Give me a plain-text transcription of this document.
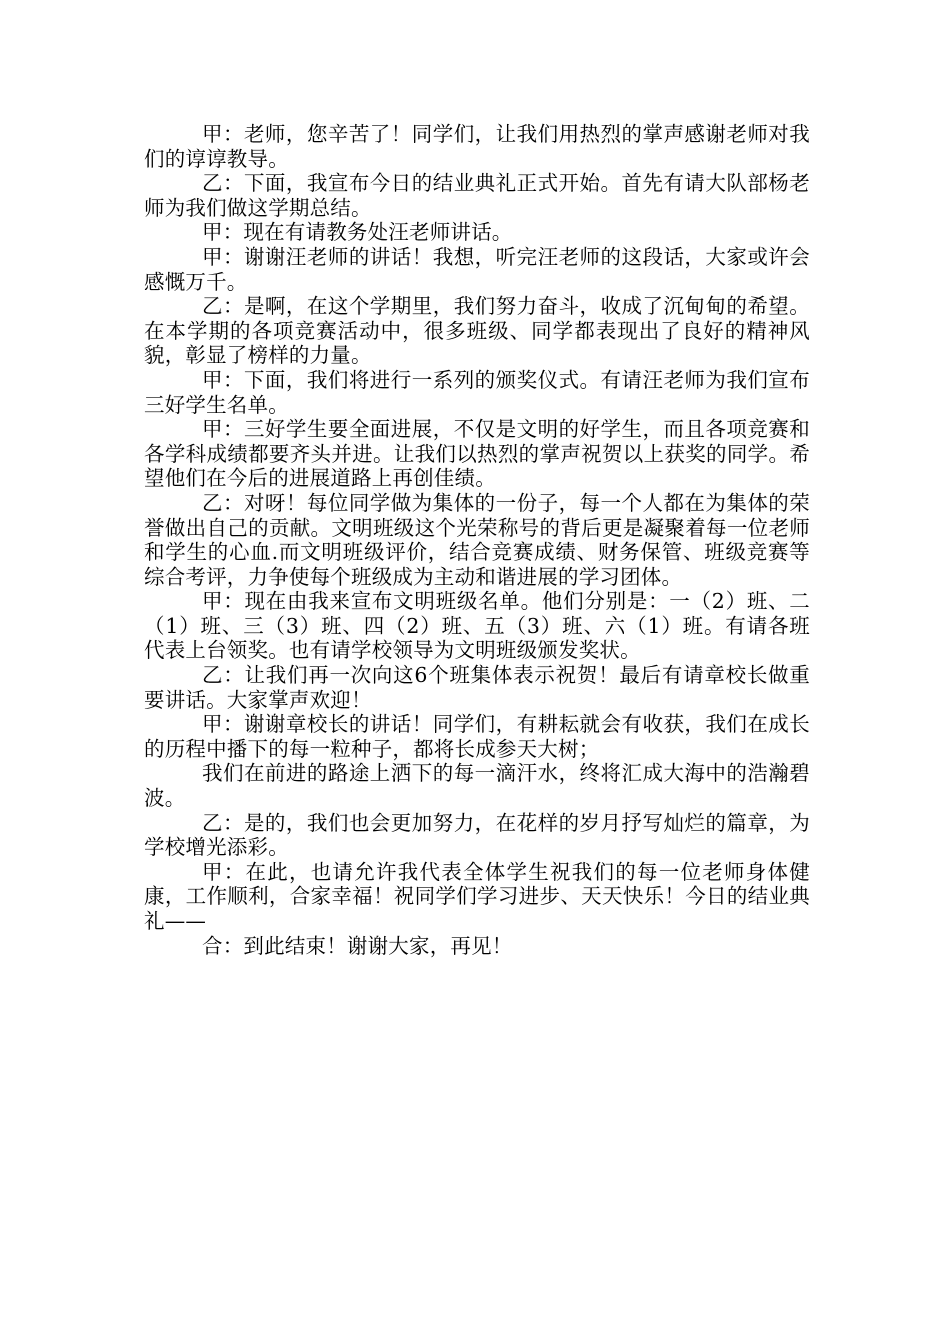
甲：老师，您辛苦了！同学们，让我们用热烈的掌声感谢老师对我们的谆谆教导。

乙：下面，我宣布今日的结业典礼正式开始。首先有请大队部杨老师为我们做这学期总结。

甲：现在有请教务处汪老师讲话。

甲：谢谢汪老师的讲话！我想，听完汪老师的这段话，大家或许会感慨万千。

乙：是啊，在这个学期里，我们努力奋斗，收成了沉甸甸的希望。在本学期的各项竞赛活动中，很多班级、同学都表现出了良好的精神风貌，彰显了榜样的力量。

甲：下面，我们将进行一系列的颁奖仪式。有请汪老师为我们宣布三好学生名单。

甲：三好学生要全面进展，不仅是文明的好学生，而且各项竞赛和各学科成绩都要齐头并进。让我们以热烈的掌声祝贺以上获奖的同学。希望他们在今后的进展道路上再创佳绩。

乙：对呀！每位同学做为集体的一份子，每一个人都在为集体的荣誉做出自己的贡献。文明班级这个光荣称号的背后更是凝聚着每一位老师和学生的心血.而文明班级评价，结合竞赛成绩、财务保管、班级竞赛等综合考评，力争使每个班级成为主动和谐进展的学习团体。

甲：现在由我来宣布文明班级名单。他们分别是：一（2）班、二（1）班、三（3）班、四（2）班、五（3）班、六（1）班。有请各班代表上台领奖。也有请学校领导为文明班级颁发奖状。

乙：让我们再一次向这6个班集体表示祝贺！最后有请章校长做重要讲话。大家掌声欢迎！

甲：谢谢章校长的讲话！同学们，有耕耘就会有收获，我们在成长的历程中播下的每一粒种子，都将长成参天大树；

我们在前进的路途上洒下的每一滴汗水，终将汇成大海中的浩瀚碧波。

乙：是的，我们也会更加努力，在花样的岁月抒写灿烂的篇章，为学校增光添彩。

甲：在此，也请允许我代表全体学生祝我们的每一位老师身体健康，工作顺利，合家幸福！祝同学们学习进步、天天快乐！今日的结业典礼——

合：到此结束！谢谢大家，再见！
